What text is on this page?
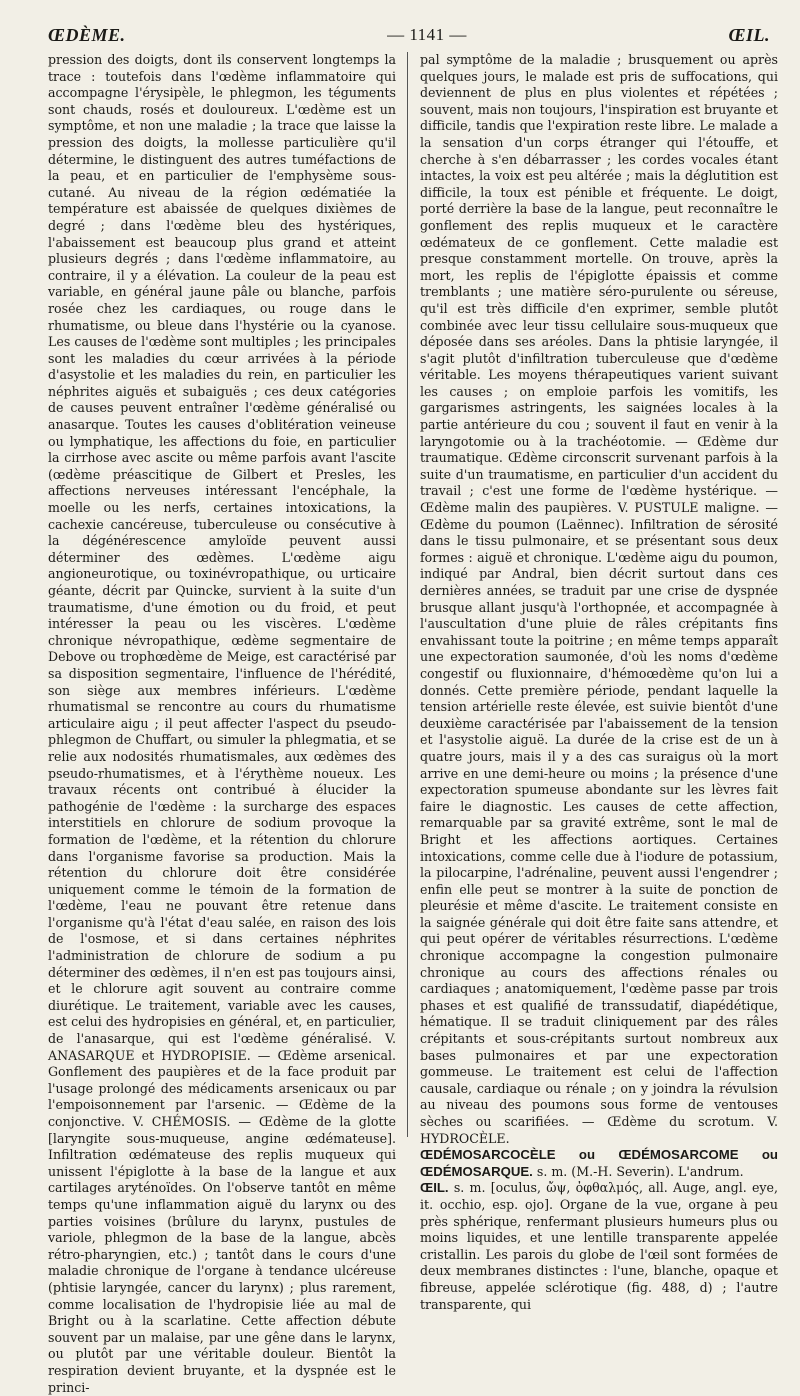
ŒDÈME.	— 1141 —	ŒIL.

pression des doigts, dont ils conservent longtemps la trace : toutefois dans l'œdème inflammatoire qui accompagne l'érysipèle, le phlegmon, les téguments sont chauds, rosés et douloureux. L'œdème est un symptôme, et non une maladie ; la trace que laisse la pression des doigts, la mollesse particulière qu'il détermine, le distinguent des autres tuméfactions de la peau, et en particulier de l'emphysème sous-cutané. Au niveau de la région œdématiée la température est abaissée de quelques dixièmes de degré ; dans l'œdème bleu des hystériques, l'abaissement est beaucoup plus grand et atteint plusieurs degrés ; dans l'œdème inflammatoire, au contraire, il y a élévation. La couleur de la peau est variable, en général jaune pâle ou blanche, parfois rosée chez les cardiaques, ou rouge dans le rhumatisme, ou bleue dans l'hystérie ou la cyanose. Les causes de l'œdème sont multiples ; les principales sont les maladies du cœur arrivées à la période d'asystolie et les maladies du rein, en particulier les néphrites aiguës et subaiguës ; ces deux catégories de causes peuvent entraîner l'œdème généralisé ou anasarque. Toutes les causes d'oblitération veineuse ou lymphatique, les affections du foie, en particulier la cirrhose avec ascite ou même parfois avant l'ascite (œdème préascitique de Gilbert et Presles, les affections nerveuses intéressant l'encéphale, la moelle ou les nerfs, certaines intoxications, la cachexie cancéreuse, tuberculeuse ou consécutive à la dégénérescence amyloïde peuvent aussi déterminer des œdèmes. L'œdème aigu angioneurotique, ou toxinévropathique, ou urticaire géante, décrit par Quincke, survient à la suite d'un traumatisme, d'une émotion ou du froid, et peut intéresser la peau ou les viscères. L'œdème chronique névropathique, œdème segmentaire de Debove ou trophœdème de Meige, est caractérisé par sa disposition segmentaire, l'influence de l'hérédité, son siège aux membres inférieurs. L'œdème rhumatismal se rencontre au cours du rhumatisme articulaire aigu ; il peut affecter l'aspect du pseudo-phlegmon de Chuffart, ou simuler la phlegmatia, et se relie aux nodosités rhumatismales, aux œdèmes des pseudo-rhumatismes, et à l'érythème noueux. Les travaux récents ont contribué à élucider la pathogénie de l'œdème : la surcharge des espaces interstitiels en chlorure de sodium provoque la formation de l'œdème, et la rétention du chlorure dans l'organisme favorise sa production. Mais la rétention du chlorure doit être considérée uniquement comme le témoin de la formation de l'œdème, l'eau ne pouvant être retenue dans l'organisme qu'à l'état d'eau salée, en raison des lois de l'osmose, et si dans certaines néphrites l'administration de chlorure de sodium a pu déterminer des œdèmes, il n'en est pas toujours ainsi, et le chlorure agit souvent au contraire comme diurétique. Le traitement, variable avec les causes, est celui des hydropisies en général, et, en particulier, de l'anasarque, qui est l'œdème généralisé. V. ANASARQUE et HYDROPISIE. — Œdème arsenical. Gonflement des paupières et de la face produit par l'usage prolongé des médicaments arsenicaux ou par l'empoisonnement par l'arsenic. — Œdème de la conjonctive. V. CHÉMOSIS. — Œdème de la glotte [laryngite sous-muqueuse, angine œdémateuse]. Infiltration œdémateuse des replis muqueux qui unissent l'épiglotte à la base de la langue et aux cartilages aryténoïdes. On l'observe tantôt en même temps qu'une inflammation aiguë du larynx ou des parties voisines (brûlure du larynx, pustules de variole, phlegmon de la base de la langue, abcès rétro-pharyngien, etc.) ; tantôt dans le cours d'une maladie chronique de l'organe à tendance ulcéreuse (phtisie laryngée, cancer du larynx) ; plus rarement, comme localisation de l'hydropisie liée au mal de Bright ou à la scarlatine. Cette affection débute souvent par un malaise, par une gêne dans le larynx, ou plutôt par une véritable douleur. Bientôt la respiration devient bruyante, et la dyspnée est le princi-

pal symptôme de la maladie ; brusquement ou après quelques jours, le malade est pris de suffocations, qui deviennent de plus en plus violentes et répétées ; souvent, mais non toujours, l'inspiration est bruyante et difficile, tandis que l'expiration reste libre. Le malade a la sensation d'un corps étranger qui l'étouffe, et cherche à s'en débarrasser ; les cordes vocales étant intactes, la voix est peu altérée ; mais la déglutition est difficile, la toux est pénible et fréquente. Le doigt, porté derrière la base de la langue, peut reconnaître le gonflement des replis muqueux et le caractère œdémateux de ce gonflement. Cette maladie est presque constamment mortelle. On trouve, après la mort, les replis de l'épiglotte épaissis et comme tremblants ; une matière séro-purulente ou séreuse, qu'il est très difficile d'en exprimer, semble plutôt combinée avec leur tissu cellulaire sous-muqueux que déposée dans ses aréoles. Dans la phtisie laryngée, il s'agit plutôt d'infiltration tuberculeuse que d'œdème véritable. Les moyens thérapeutiques varient suivant les causes ; on emploie parfois les vomitifs, les gargarismes astringents, les saignées locales à la partie antérieure du cou ; souvent il faut en venir à la laryngotomie ou à la trachéotomie. — Œdème dur traumatique. Œdème circonscrit survenant parfois à la suite d'un traumatisme, en particulier d'un accident du travail ; c'est une forme de l'œdème hystérique. — Œdème malin des paupières. V. PUSTULE maligne. — Œdème du poumon (Laënnec). Infiltration de sérosité dans le tissu pulmonaire, et se présentant sous deux formes : aiguë et chronique. L'œdème aigu du poumon, indiqué par Andral, bien décrit surtout dans ces dernières années, se traduit par une crise de dyspnée brusque allant jusqu'à l'orthopnée, et accompagnée à l'auscultation d'une pluie de râles crépitants fins envahissant toute la poitrine ; en même temps apparaît une expectoration saumonée, d'où les noms d'œdème congestif ou fluxionnaire, d'hémoœdème qu'on lui a donnés. Cette première période, pendant laquelle la tension artérielle reste élevée, est suivie bientôt d'une deuxième caractérisée par l'abaissement de la tension et l'asystolie aiguë. La durée de la crise est de un à quatre jours, mais il y a des cas suraigus où la mort arrive en une demi-heure ou moins ; la présence d'une expectoration spumeuse abondante sur les lèvres fait faire le diagnostic. Les causes de cette affection, remarquable par sa gravité extrême, sont le mal de Bright et les affections aortiques. Certaines intoxications, comme celle due à l'iodure de potassium, la pilocarpine, l'adrénaline, peuvent aussi l'engendrer ; enfin elle peut se montrer à la suite de ponction de pleurésie et même d'ascite. Le traitement consiste en la saignée générale qui doit être faite sans attendre, et qui peut opérer de véritables résurrections. L'œdème chronique accompagne la congestion pulmonaire chronique au cours des affections rénales ou cardiaques ; anatomiquement, l'œdème passe par trois phases et est qualifié de transsudatif, diapédétique, hématique. Il se traduit cliniquement par des râles crépitants et sous-crépitants surtout nombreux aux bases pulmonaires et par une expectoration gommeuse. Le traitement est celui de l'affection causale, cardiaque ou rénale ; on y joindra la révulsion au niveau des poumons sous forme de ventouses sèches ou scarifiées. — Œdème du scrotum. V. HYDROCÈLE.

ŒDÉMOSARCOCÈLE ou ŒDÉMOSARCOME ou ŒDÉMOSARQUE. s. m. (M.-H. Severin). L'andrum.

ŒIL. s. m. [oculus, ὤψ, ὀφθαλμός, all. Auge, angl. eye, it. occhio, esp. ojo]. Organe de la vue, organe à peu près sphérique, renfermant plusieurs humeurs plus ou moins liquides, et une lentille transparente appelée cristallin. Les parois du globe de l'œil sont formées de deux membranes distinctes : l'une, blanche, opaque et fibreuse, appelée sclérotique (fig. 488, d) ; l'autre transparente, qui
